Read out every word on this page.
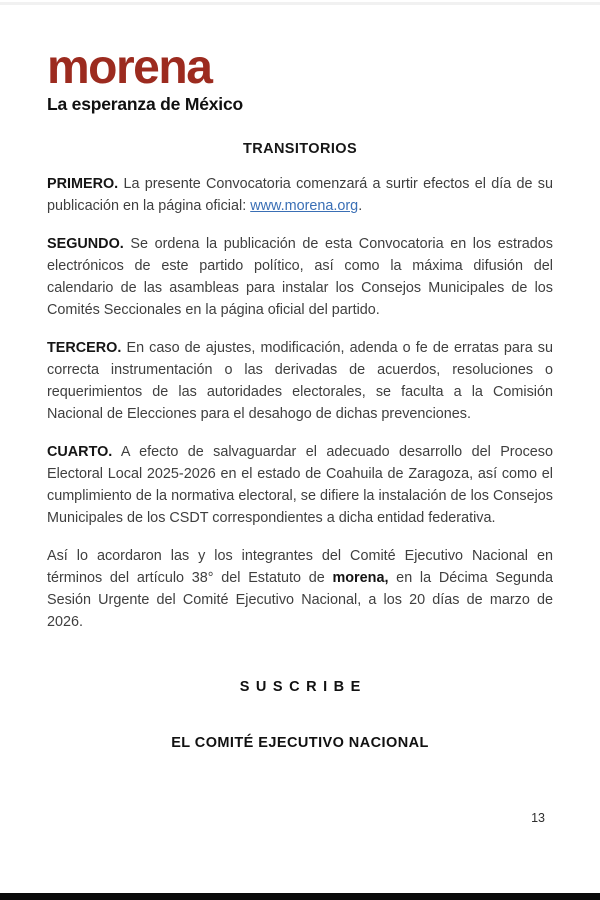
morena
La esperanza de México
TRANSITORIOS

PRIMERO. La presente Convocatoria comenzará a surtir efectos el día de su publicación en la página oficial: www.morena.org.

SEGUNDO. Se ordena la publicación de esta Convocatoria en los estrados electrónicos de este partido político, así como la máxima difusión del calendario de las asambleas para instalar los Consejos Municipales de los Comités Seccionales en la página oficial del partido.

TERCERO. En caso de ajustes, modificación, adenda o fe de erratas para su correcta instrumentación o las derivadas de acuerdos, resoluciones o requerimientos de las autoridades electorales, se faculta a la Comisión Nacional de Elecciones para el desahogo de dichas prevenciones.

CUARTO. A efecto de salvaguardar el adecuado desarrollo del Proceso Electoral Local 2025-2026 en el estado de Coahuila de Zaragoza, así como el cumplimiento de la normativa electoral, se difiere la instalación de los Consejos Municipales de los CSDT correspondientes a dicha entidad federativa.

Así lo acordaron las y los integrantes del Comité Ejecutivo Nacional en términos del artículo 38° del Estatuto de morena, en la Décima Segunda Sesión Urgente del Comité Ejecutivo Nacional, a los 20 días de marzo de 2026.

SUSCRIBE

EL COMITÉ EJECUTIVO NACIONAL

13
